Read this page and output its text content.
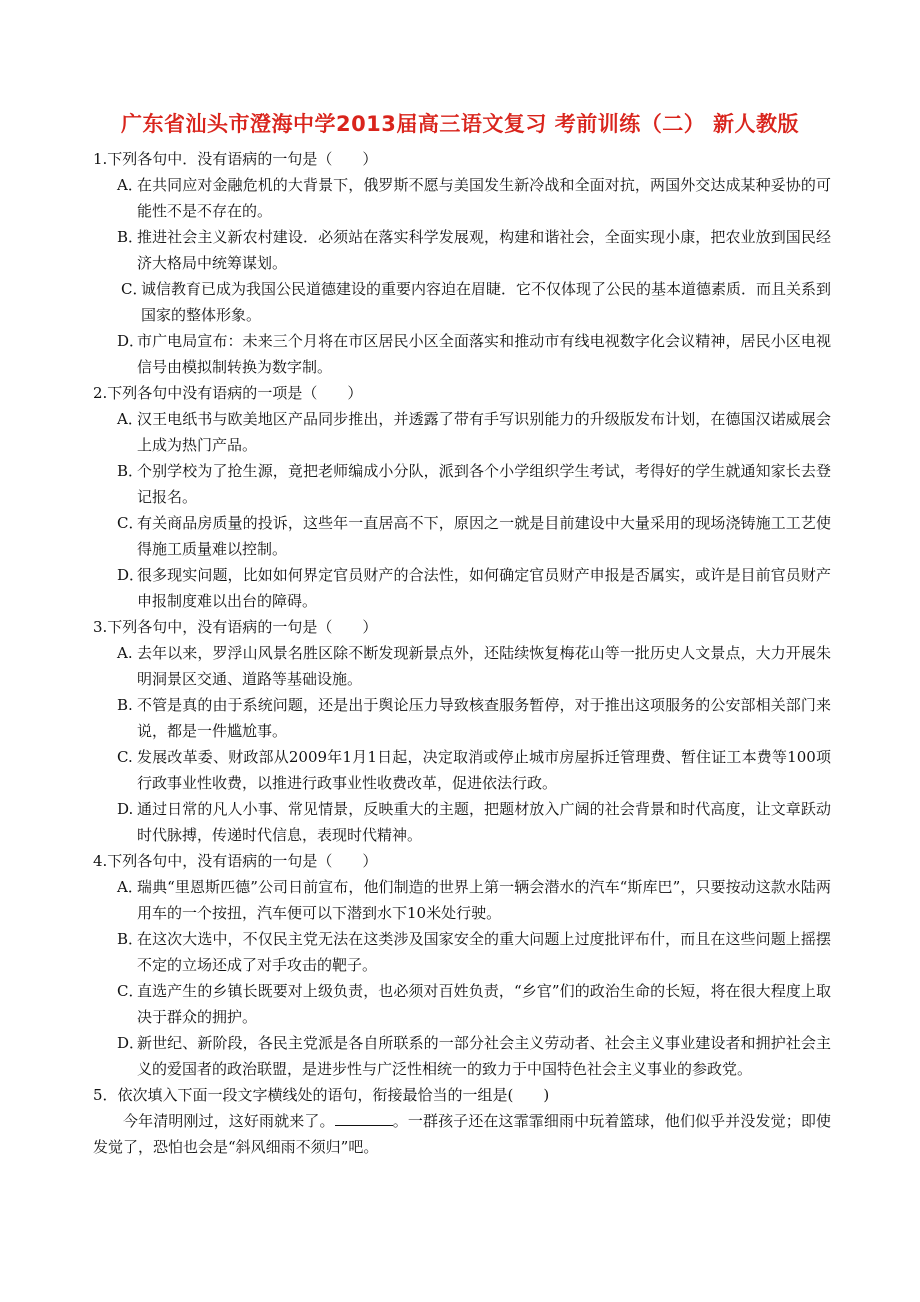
广东省汕头市澄海中学2013届高三语文复习 考前训练（二） 新人教版
1.下列各句中．没有语病的一句是（　　）
A．
在共同应对金融危机的大背景下，俄罗斯不愿与美国发生新冷战和全面对抗，两国外交达成某种妥协的可能性不是不存在的。
B．
推进社会主义新农村建设．必须站在落实科学发展观，构建和谐社会，全面实现小康，把农业放到国民经济大格局中统筹谋划。
C．
诚信教育已成为我国公民道德建设的重要内容迫在眉睫．它不仅体现了公民的基本道德素质．而且关系到国家的整体形象。
D．
市广电局宣布：未来三个月将在市区居民小区全面落实和推动市有线电视数字化会议精神，居民小区电视信号由模拟制转换为数字制。
2.下列各句中没有语病的一项是（　　）
A．
汉王电纸书与欧美地区产品同步推出，并透露了带有手写识别能力的升级版发布计划，在德国汉诺威展会上成为热门产品。
B．
个别学校为了抢生源，竟把老师编成小分队，派到各个小学组织学生考试，考得好的学生就通知家长去登记报名。
C．
有关商品房质量的投诉，这些年一直居高不下，原因之一就是目前建设中大量采用的现场浇铸施工工艺使得施工质量难以控制。
D．
很多现实问题，比如如何界定官员财产的合法性，如何确定官员财产申报是否属实，或许是目前官员财产申报制度难以出台的障碍。
3.下列各句中，没有语病的一句是（　　）
A. 去年以来，罗浮山风景名胜区除不断发现新景点外，还陆续恢复梅花山等一批历史人文景点，大力开展朱明洞景区交通、道路等基础设施。
B. 不管是真的由于系统问题，还是出于舆论压力导致核查服务暂停，对于推出这项服务的公安部相关部门来说，都是一件尴尬事。
C. 发展改革委、财政部从2009年1月1日起，决定取消或停止城市房屋拆迁管理费、暂住证工本费等100项行政事业性收费，以推进行政事业性收费改革，促进依法行政。
D. 通过日常的凡人小事、常见情景，反映重大的主题，把题材放入广阔的社会背景和时代高度，让文章跃动时代脉搏，传递时代信息，表现时代精神。
4.下列各句中，没有语病的一句是（　　）
A．
瑞典“里恩斯匹德”公司日前宣布，他们制造的世界上第一辆会潜水的汽车“斯库巴”，只要按动这款水陆两用车的一个按扭，汽车便可以下潜到水下10米处行驶。
B．
在这次大选中，不仅民主党无法在这类涉及国家安全的重大问题上过度批评布什，而且在这些问题上摇摆不定的立场还成了对手攻击的靶子。
C．
直选产生的乡镇长既要对上级负责，也必须对百姓负责，“乡官”们的政治生命的长短，将在很大程度上取决于群众的拥护。
D．
新世纪、新阶段，各民主党派是各自所联系的一部分社会主义劳动者、社会主义事业建设者和拥护社会主义的爱国者的政治联盟，是进步性与广泛性相统一的致力于中国特色社会主义事业的参政党。
5．依次填入下面一段文字横线处的语句，衔接最恰当的一组是(　　)
今年清明刚过，这好雨就来了。	。一群孩子还在这霏霏细雨中玩着篮球，他们似乎并没发觉；即使发觉了，恐怕也会是“斜风细雨不须归”吧。
